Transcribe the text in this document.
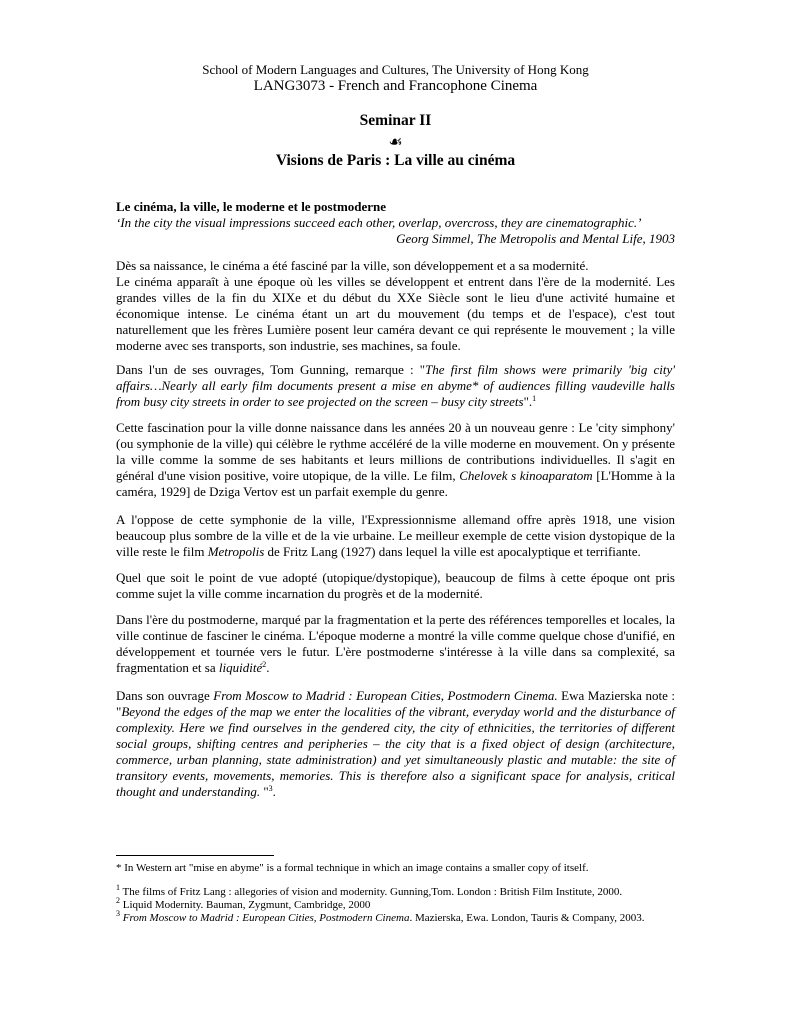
School of Modern Languages and Cultures, The University of Hong Kong
LANG3073 - French and Francophone Cinema
Seminar II
☙
Visions de Paris : La ville au cinéma

Le cinéma, la ville, le moderne et le postmoderne

‘In the city the visual impressions succeed each other, overlap, overcross, they are cinematographic.’

Georg Simmel, The Metropolis and Mental Life, 1903

Dès sa naissance, le cinéma a été fasciné par la ville, son développement et a sa modernité.

Le cinéma apparaît à une époque où les villes se développent et entrent dans l'ère de la modernité. Les grandes villes de la fin du XIXe et du début du XXe Siècle sont le lieu d'une activité humaine et économique intense. Le cinéma étant un art du mouvement (du temps et de l'espace), c'est tout naturellement que les frères Lumière posent leur caméra devant ce qui représente le mouvement ; la ville moderne avec ses transports, son industrie, ses machines, sa foule.

Dans l'un de ses ouvrages, Tom Gunning, remarque : "The first film shows were primarily 'big city' affairs…Nearly all early film documents present a mise en abyme* of audiences filling vaudeville halls from busy city streets in order to see projected on the screen – busy city streets".$^1$
Cette fascination pour la ville donne naissance dans les années 20 à un nouveau genre : Le 'city simphony' (ou symphonie de la ville) qui célèbre le rythme accéléré de la ville moderne en mouvement. On y présente la ville comme la somme de ses habitants et leurs millions de contributions individuelles. Il s'agit en général d'une vision positive, voire utopique, de la ville. Le film, Chelovek s kinoaparatom [L'Homme à la caméra, 1929] de Dziga Vertov est un parfait exemple du genre.
A l'oppose de cette symphonie de la ville, l'Expressionnisme allemand offre après 1918, une vision beaucoup plus sombre de la ville et de la vie urbaine. Le meilleur exemple de cette vision dystopique de la ville reste le film Metropolis de Fritz Lang (1927) dans lequel la ville est apocalyptique et terrifiante.
Quel que soit le point de vue adopté (utopique/dystopique), beaucoup de films à cette époque ont pris comme sujet la ville comme incarnation du progrès et de la modernité.
Dans l'ère du postmoderne, marqué par la fragmentation et la perte des références temporelles et locales, la ville continue de fasciner le cinéma. L'époque moderne a montré la ville comme quelque chose d'unifié, en développement et tournée vers le futur. L'ère postmoderne s'intéresse à la ville dans sa complexité, sa fragmentation et sa liquidité$^2$.
Dans son ouvrage From Moscow to Madrid : European Cities, Postmodern Cinema. Ewa Mazierska note : "Beyond the edges of the map we enter the localities of the vibrant, everyday world and the disturbance of complexity. Here we find ourselves in the gendered city, the city of ethnicities, the territories of different social groups, shifting centres and peripheries – the city that is a fixed object of design (architecture, commerce, urban planning, state administration) and yet simultaneously plastic and mutable: the site of transitory events, movements, memories. This is therefore also a significant space for analysis, critical thought and understanding. "$^3$.
* In Western art "mise en abyme" is a formal technique in which an image contains a smaller copy of itself.

$^1$ The films of Fritz Lang : allegories of vision and modernity. Gunning,Tom. London : British Film Institute, 2000.

$^2$ Liquid Modernity. Bauman, Zygmunt, Cambridge, 2000

$^3$ From Moscow to Madrid : European Cities, Postmodern Cinema. Mazierska, Ewa. London, Tauris & Company, 2003.
